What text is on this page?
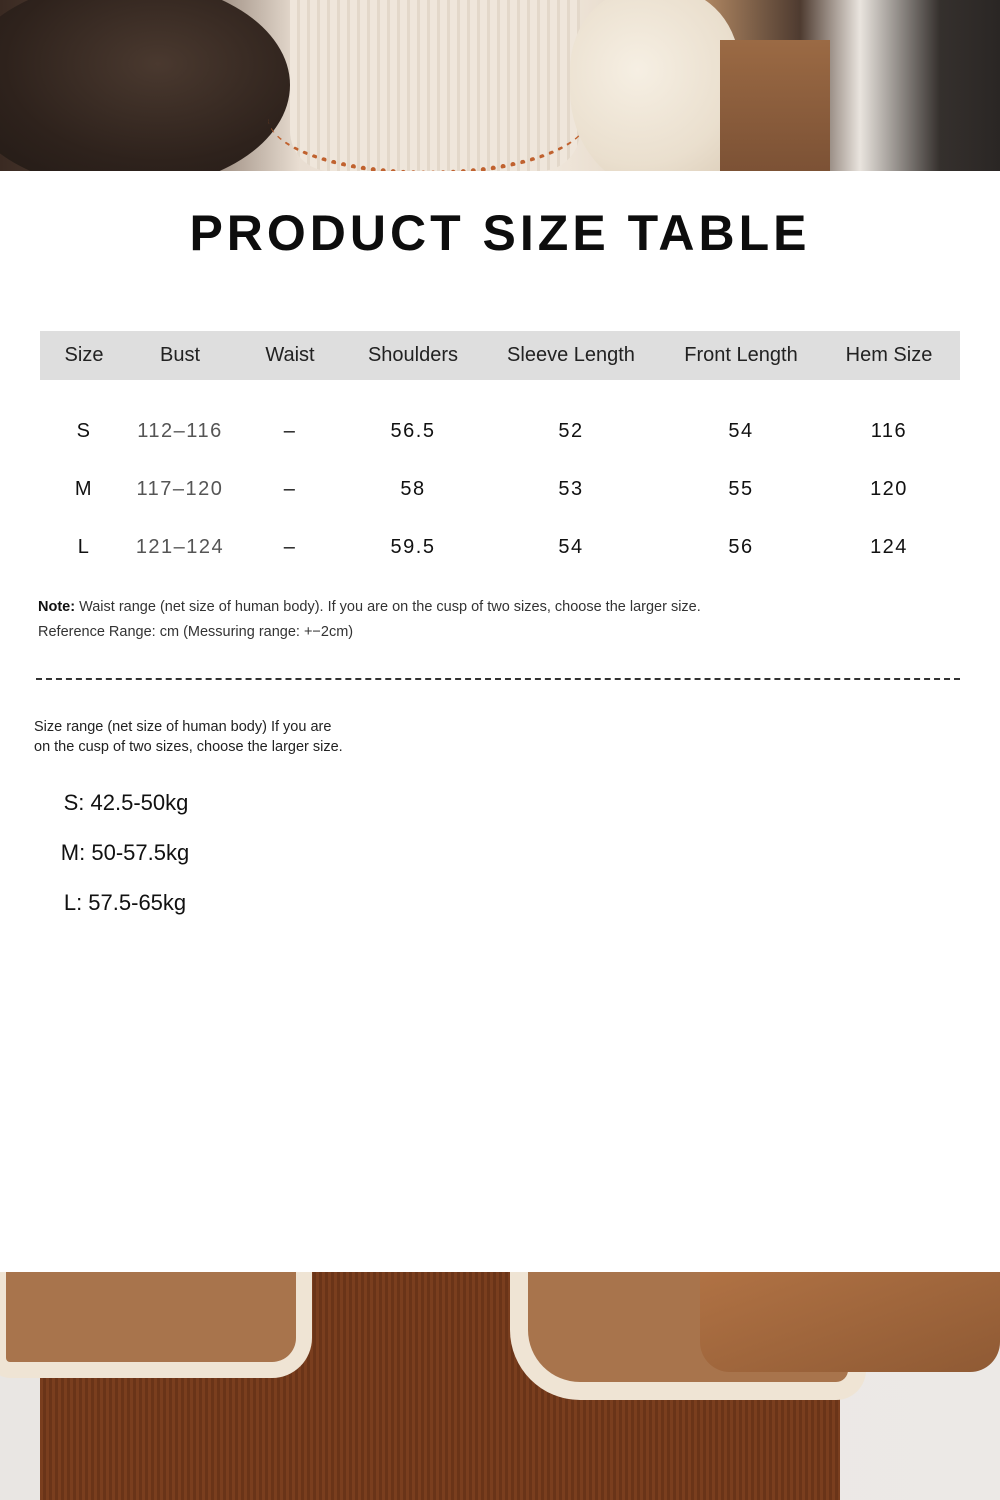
PRODUCT SIZE TABLE
Size	Bust	Waist	Shoulders	Sleeve Length	Front Length	Hem Size

S	112–116	–	56.5	52	54	116
M	117–120	–	58	53	55	120
L	121–124	–	59.5	54	56	124
Note: Waist range (net size of human body). If you are on the cusp of two sizes, choose the larger size.
Reference Range: cm (Messuring range: +−2cm)
Size range (net size of human body) If you are
on the cusp of two sizes, choose the larger size.
S: 42.5-50kg
M: 50-57.5kg
L: 57.5-65kg
